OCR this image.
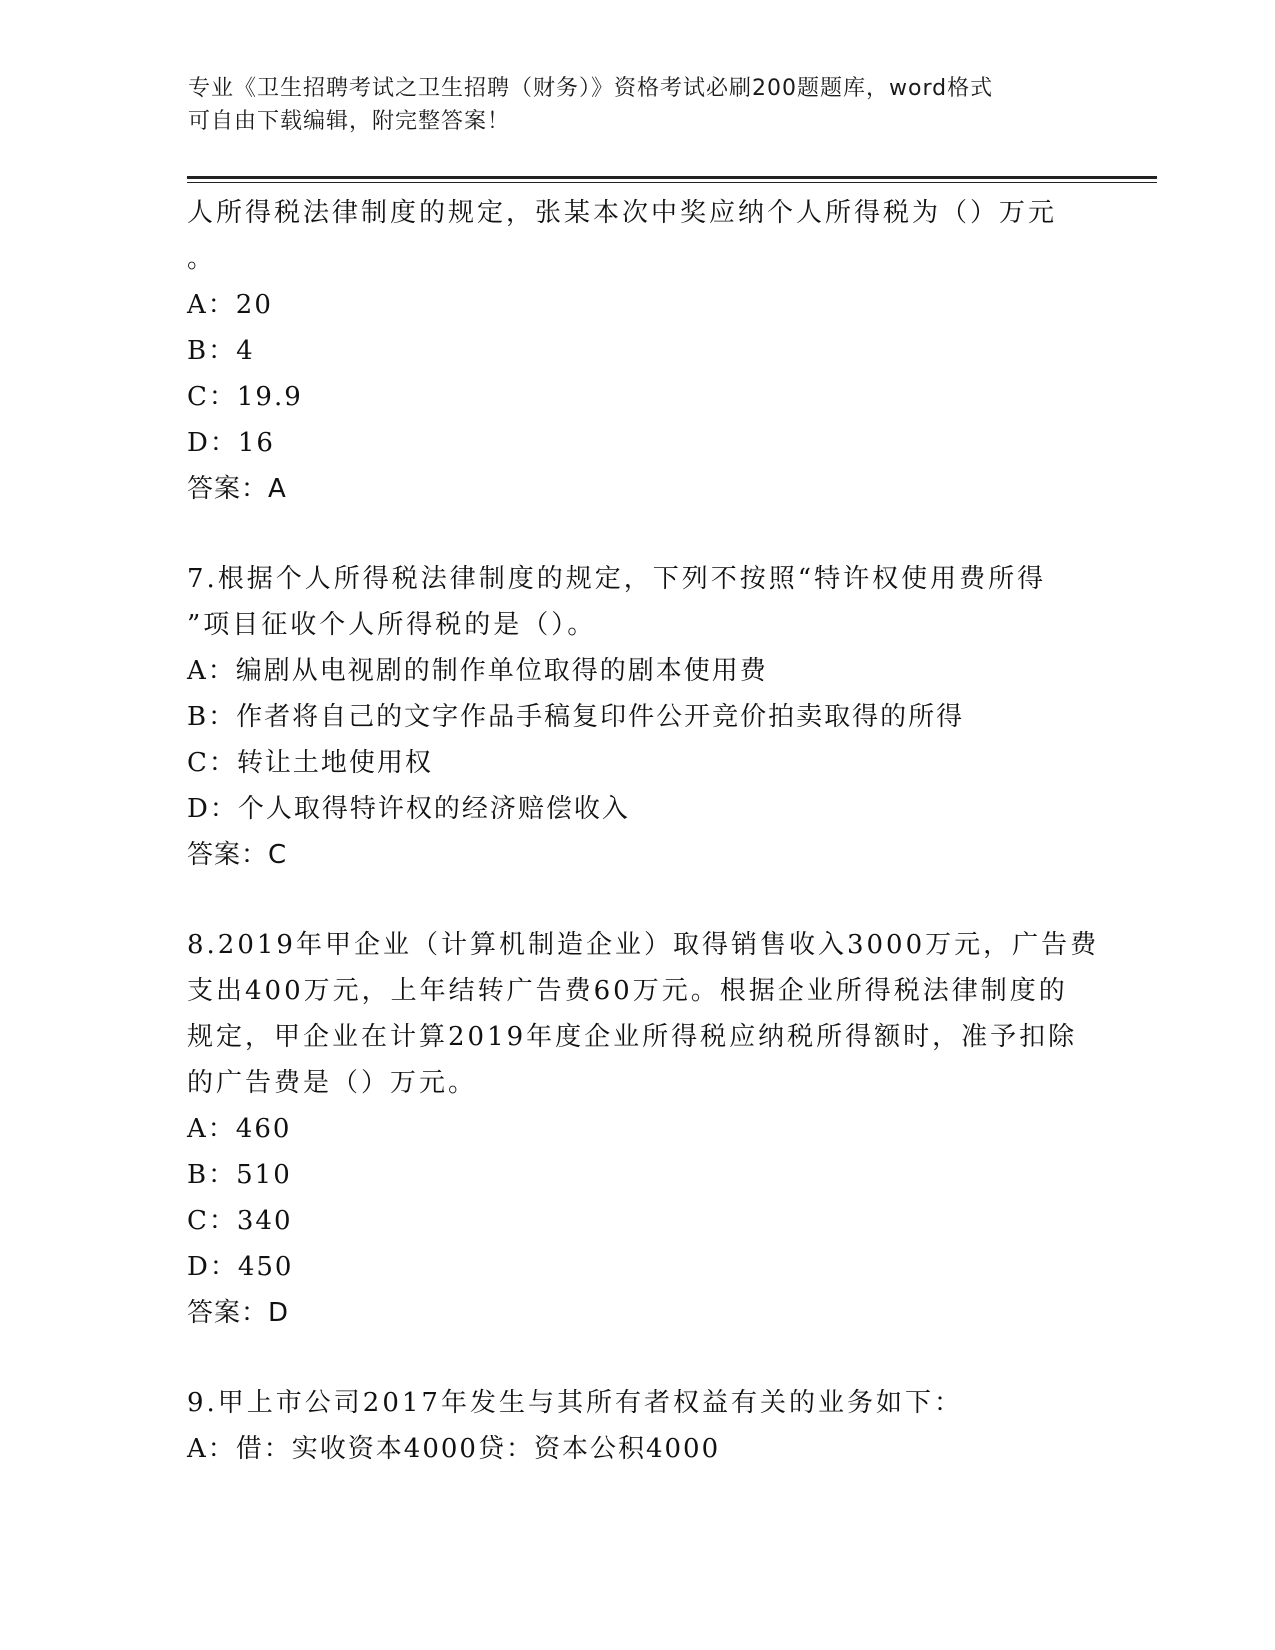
专业《卫生招聘考试之卫生招聘（财务）》资格考试必刷200题题库，word格式
可自由下载编辑，附完整答案！
人所得税法律制度的规定，张某本次中奖应纳个人所得税为（）万元
。
A：20
B：4
C：19.9
D：16
答案：A
7.根据个人所得税法律制度的规定，下列不按照“特许权使用费所得
”项目征收个人所得税的是（）。
A：编剧从电视剧的制作单位取得的剧本使用费
B：作者将自己的文字作品手稿复印件公开竞价拍卖取得的所得
C：转让土地使用权
D：个人取得特许权的经济赔偿收入
答案：C
8.2019年甲企业（计算机制造企业）取得销售收入3000万元，广告费
支出400万元，上年结转广告费60万元。根据企业所得税法律制度的
规定，甲企业在计算2019年度企业所得税应纳税所得额时，准予扣除
的广告费是（）万元。
A：460
B：510
C：340
D：450
答案：D
9.甲上市公司2017年发生与其所有者权益有关的业务如下：
A：借：实收资本4000贷：资本公积4000
